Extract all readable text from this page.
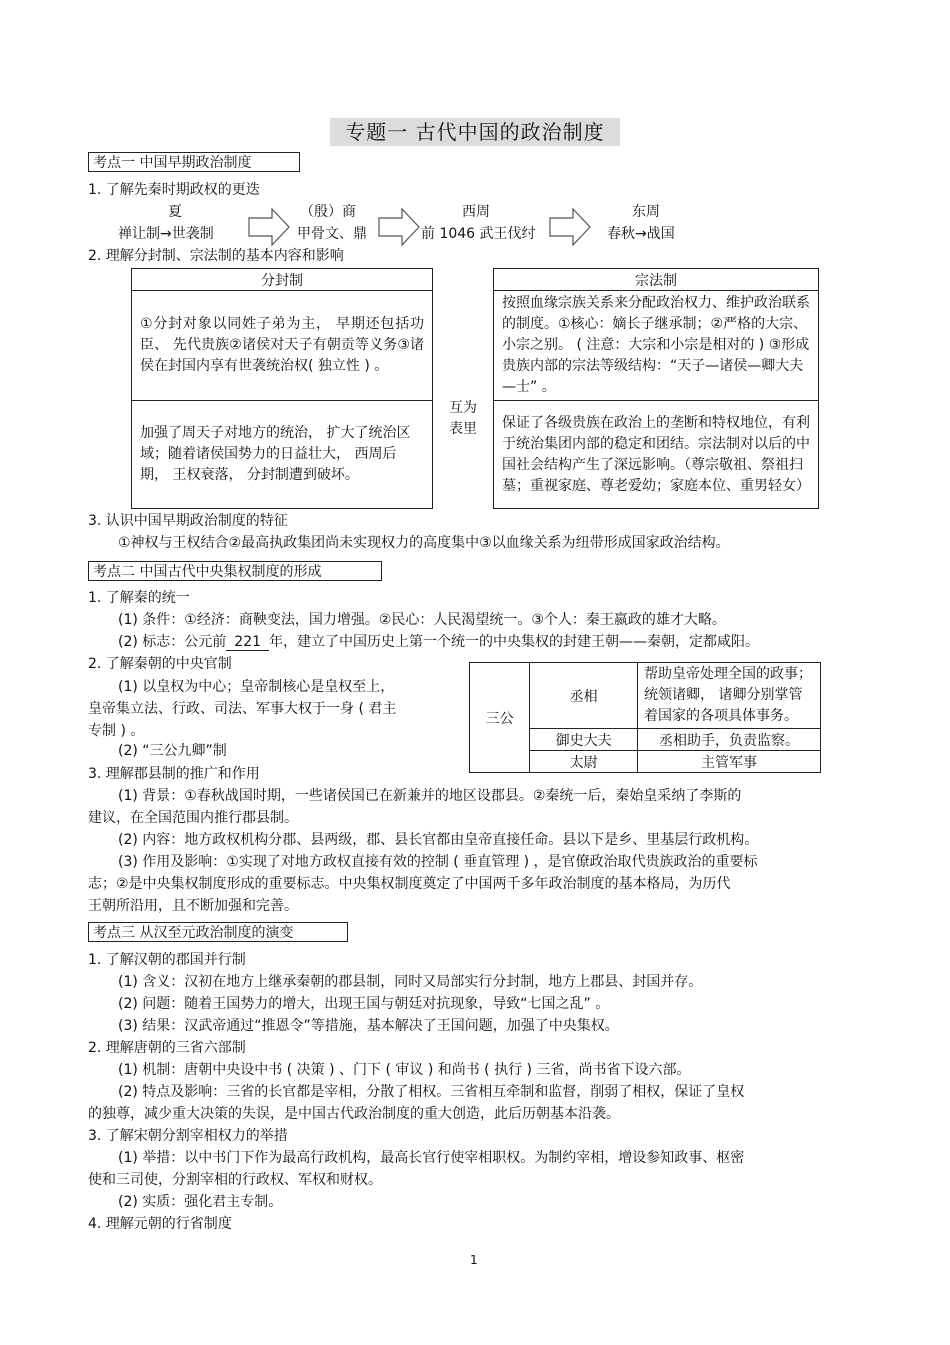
专题一 古代中国的政治制度
考点一 中国早期政治制度
1. 了解先秦时期政权的更迭
夏
禅让制→世袭制
（殷）商
甲骨文、鼎
西周
前 1046 武王伐纣
东周
春秋→战国
2. 理解分封制、宗法制的基本内容和影响
分封制	互为表里	宗法制

①分封对象以同姓子弟为主， 早期还包括功臣、 先代贵族②诸侯对天子有朝贡等义务③诸侯在封国内享有世袭统治权( 独立性 ) 。		按照血缘宗族关系来分配政治权力、维护政治联系的制度。①核心：嫡长子继承制；②严格的大宗、小宗之别。 ( 注意：大宗和小宗是相对的 ) ③形成贵族内部的宗法等级结构：“天子—诸侯—卿大夫—士” 。

加强了周天子对地方的统治， 扩大了统治区域；随着诸侯国势力的日益壮大， 西周后期， 王权衰落， 分封制遭到破坏。		保证了各级贵族在政治上的垄断和特权地位，有利于统治集团内部的稳定和团结。宗法制对以后的中国社会结构产生了深远影响。（尊宗敬祖、祭祖扫墓；重视家庭、尊老爱幼；家庭本位、重男轻女）
3. 认识中国早期政治制度的特征
①神权与王权结合②最高执政集团尚未实现权力的高度集中③以血缘关系为纽带形成国家政治结构。
考点二 中国古代中央集权制度的形成
1. 了解秦的统一
(1) 条件：①经济：商鞅变法，国力增强。②民心：人民渴望统一。③个人：秦王嬴政的雄才大略。
(2) 标志：公元前 221 年，建立了中国历史上第一个统一的中央集权的封建王朝——秦朝，定都咸阳。
2. 了解秦朝的中央官制
(1) 以皇权为中心；皇帝制核心是皇权至上，
皇帝集立法、行政、司法、军事大权于一身 ( 君主
专制 ) 。
(2) “三公九卿”制
三公	丞相	帮助皇帝处理全国的政事；统领诸卿， 诸卿分别掌管着国家的各项具体事务。

	御史大夫	丞相助手，负责监察。
	太尉	主管军事
3. 理解郡县制的推广和作用
(1) 背景：①春秋战国时期，一些诸侯国已在新兼并的地区设郡县。②秦统一后，秦始皇采纳了李斯的
建议，在全国范围内推行郡县制。
(2) 内容：地方政权机构分郡、县两级，郡、县长官都由皇帝直接任命。县以下是乡、里基层行政机构。
(3) 作用及影响：①实现了对地方政权直接有效的控制 ( 垂直管理 ) ，是官僚政治取代贵族政治的重要标
志；②是中央集权制度形成的重要标志。中央集权制度奠定了中国两千多年政治制度的基本格局，为历代
王朝所沿用，且不断加强和完善。
考点三 从汉至元政治制度的演变
1. 了解汉朝的郡国并行制
(1) 含义：汉初在地方上继承秦朝的郡县制，同时又局部实行分封制，地方上郡县、封国并存。
(2) 问题：随着王国势力的增大，出现王国与朝廷对抗现象，导致“七国之乱” 。
(3) 结果：汉武帝通过“推恩令”等措施，基本解决了王国问题，加强了中央集权。
2. 理解唐朝的三省六部制
(1) 机制：唐朝中央设中书 ( 决策 ) 、门下 ( 审议 ) 和尚书 ( 执行 ) 三省，尚书省下设六部。
(2) 特点及影响：三省的长官都是宰相，分散了相权。三省相互牵制和监督，削弱了相权，保证了皇权
的独尊，减少重大决策的失误，是中国古代政治制度的重大创造，此后历朝基本沿袭。
3. 了解宋朝分割宰相权力的举措
(1) 举措：以中书门下作为最高行政机构，最高长官行使宰相职权。为制约宰相，增设参知政事、枢密
使和三司使，分割宰相的行政权、军权和财权。
(2) 实质：强化君主专制。
4. 理解元朝的行省制度
1
